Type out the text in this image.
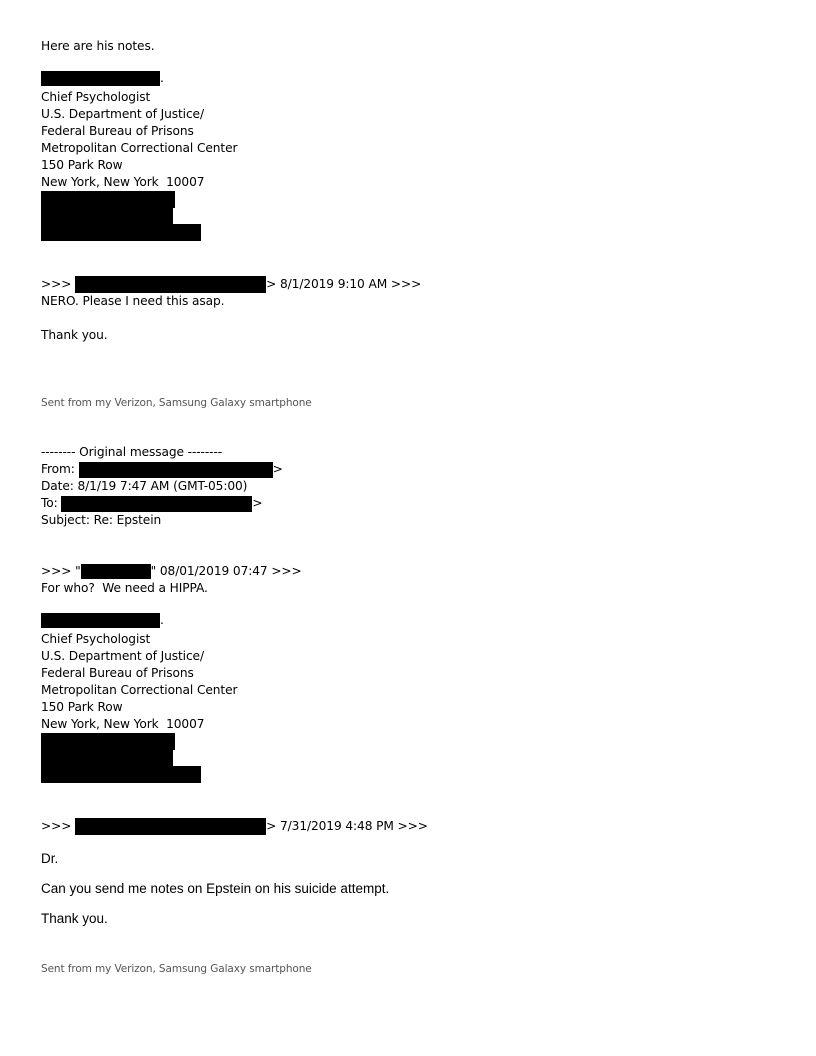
Here are his notes.
.
Chief Psychologist
U.S. Department of Justice/
Federal Bureau of Prisons
Metropolitan Correctional Center
150 Park Row
New York, New York  10007
>>>	> 8/1/2019 9:10 AM >>>
NERO. Please I need this asap.
Thank you.
Sent from my Verizon, Samsung Galaxy smartphone
-------- Original message --------
From:	>
Date: 8/1/19 7:47 AM (GMT-05:00)
To:	>
Subject: Re: Epstein
>>> "	" 08/01/2019 07:47 >>>
For who?  We need a HIPPA.
.
Chief Psychologist
U.S. Department of Justice/
Federal Bureau of Prisons
Metropolitan Correctional Center
150 Park Row
New York, New York  10007
>>>	> 7/31/2019 4:48 PM >>>
Dr.
Can you send me notes on Epstein on his suicide attempt.
Thank you.
Sent from my Verizon, Samsung Galaxy smartphone
